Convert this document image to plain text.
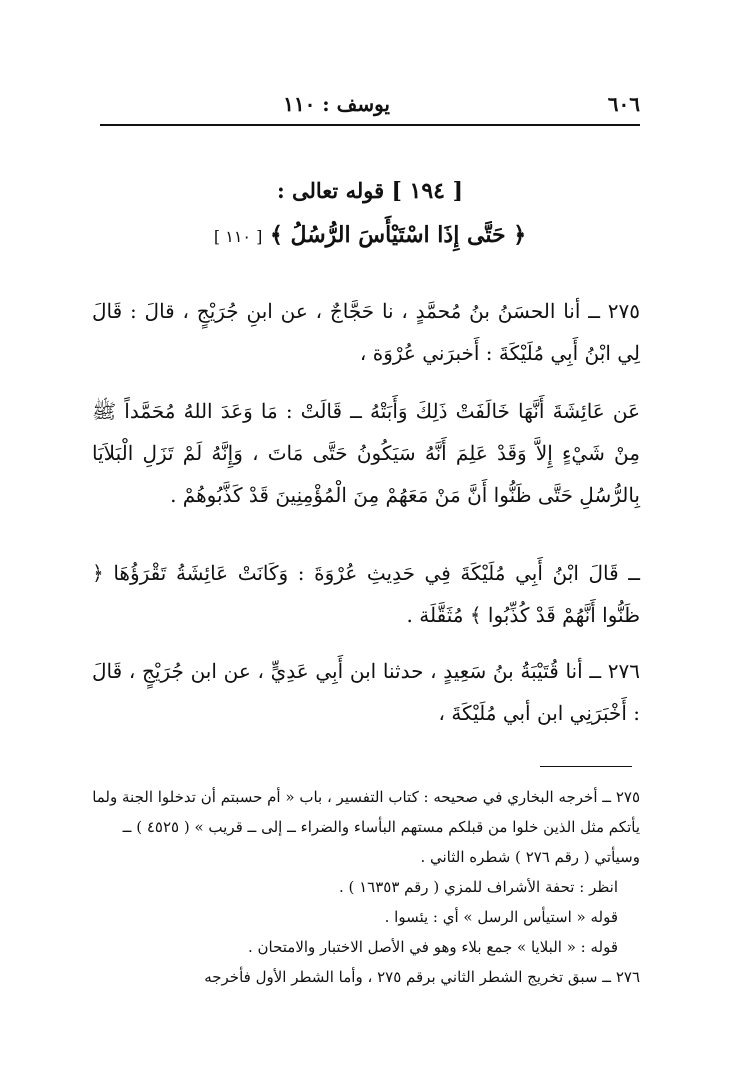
٦٠٦
يوسف : ١١٠
[ ١٩٤ ] قوله تعالى :
﴿ حَتَّى إِذَا اسْتَيْأَسَ الرُّسُلُ ﴾ [ ١١٠ ]
٢٧٥ ــ أنا الحسَنُ بنُ مُحمَّدٍ ، نا حَجَّاجٌ ، عن ابنِ جُرَيْجٍ ، قالَ : قَالَ لِي ابْنُ أَبِي مُلَيْكَةَ : أَخبرَني عُرْوَة ،
عَن عَائِشَةَ أَنَّهَا خَالَفَتْ ذَلِكَ وَأَبَتْهُ ــ قَالَتْ : مَا وَعَدَ اللهُ مُحَمَّداً ﷺ مِنْ شَيْءٍ إِلاَّ وَقَدْ عَلِمَ أَنَّهُ سَيَكُونُ حَتَّى مَاتَ ، وَإِنَّهُ لَمْ تَزَلِ الْبَلاَيَا بِالرُّسُلِ حَتَّى ظَنُّوا أَنَّ مَنْ مَعَهُمْ مِنَ الْمُؤْمِنِينَ قَدْ كَذَّبُوهُمْ .
ــ قَالَ ابْنُ أَبِي مُلَيْكَةَ فِي حَدِيثِ عُرْوَةَ : وَكَانَتْ عَائِشَةُ تَقْرَؤُهَا ﴿ ظَنُّوا أَنَّهُمْ قَدْ كُذِّبُوا ﴾ مُثَقَّلَة .
٢٧٦ ــ أنا قُتَيْبَةُ بنُ سَعِيدٍ ، حدثنا ابن أَبِي عَدِيٍّ ، عن ابن جُرَيْجٍ ، قَالَ : أَخْبَرَنِي ابن أبي مُلَيْكَةَ ،

٢٧٥ ــ أخرجه البخاري في صحيحه : كتاب التفسير ، باب « أم حسبتم أن تدخلوا الجنة ولما يأتكم مثل الذين خلوا من قبلكم مستهم البأساء والضراء ــ إلى ــ قريب » ( ٤٥٢٥ ) ــ وسيأتي ( رقم ٢٧٦ ) شطره الثاني .

انظر : تحفة الأشراف للمزي ( رقم ١٦٣٥٣ ) .

قوله « استيأس الرسل » أي : يئسوا .

قوله : « البلايا » جمع بلاء وهو في الأصل الاختبار والامتحان .

٢٧٦ ــ سبق تخريج الشطر الثاني برقم ٢٧٥ ، وأما الشطر الأول فأخرجه
